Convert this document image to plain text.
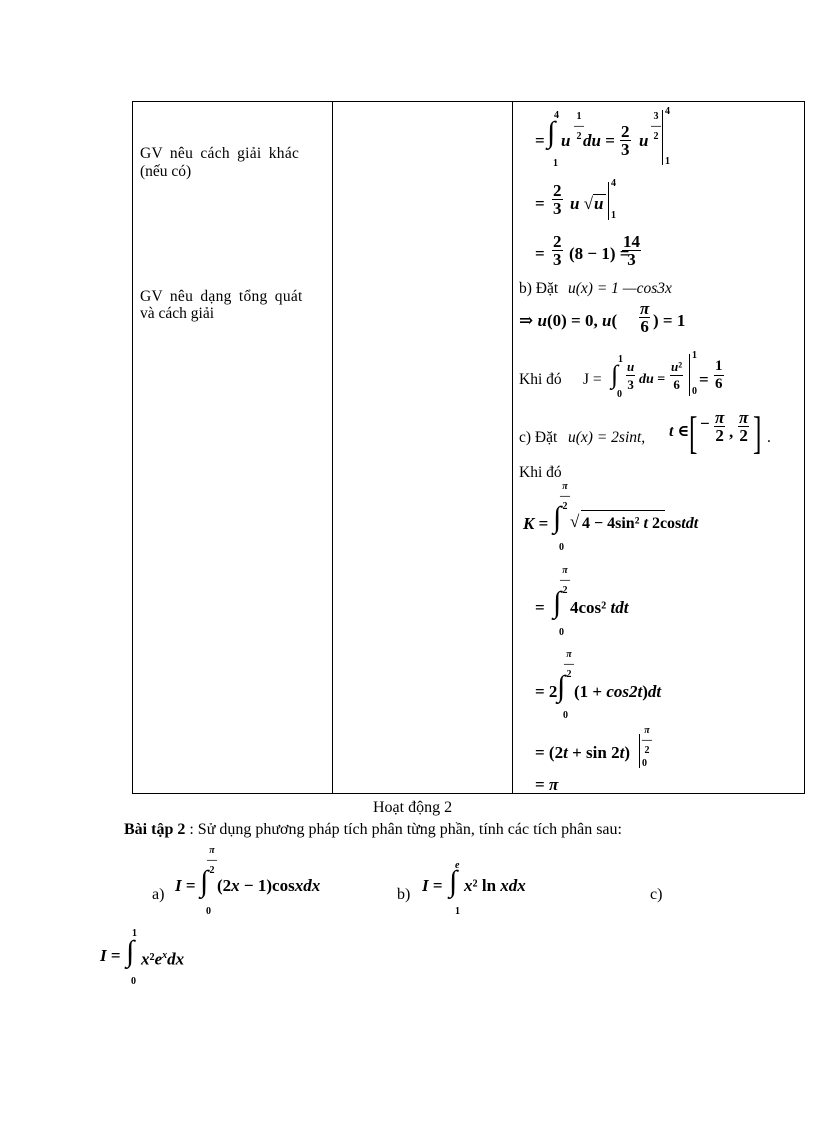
GV nêu cách giải khác
(nếu có)
GV nêu dạng tổng quát
và cách giải
=
4
∫
1
u
1
—
2 du = $\frac{2}{3}$ u
3
—
2
4
1
= $\frac{2}{3}$ u √ u
4
1
= $\frac{2}{3} (8 - 1)$ =
$\frac{14}{3}$
b) Đặt u(x) = 1 —cos3x
⇒ u(0) = 0, $u( \frac{\pi}{6}$ ) = 1
Khi đó J =
1
∫
0
$\frac{u}{3}$ du = $\frac{\text{u²}}{6}$
1
0
= $\frac{1}{6}$
c) Đặt u(x) = 2sint, t ∈ [ − $\frac{\pi}{2}$ , $\frac{\pi}{2}$ ] .
Khi đó
K =
π
—
2
∫
0
√ 4 − 4sin² t 2costdt
=
π
—
2
∫
0
4cos² tdt
= 2
π
—
2
∫
0
(1 + cos2t)dt
= (2t + sin 2t)
π
—
2
0
= π
Hoạt động 2
Bài tập 2 : Sử dụng phương pháp tích phân từng phần, tính các tích phân sau:
a) I =
π
—
2
∫
0
(2x − 1)cosxdx	b) I =
e
∫
1
x² ln xdx	c)
I =
1
∫
0
$x^2e^xdx$
